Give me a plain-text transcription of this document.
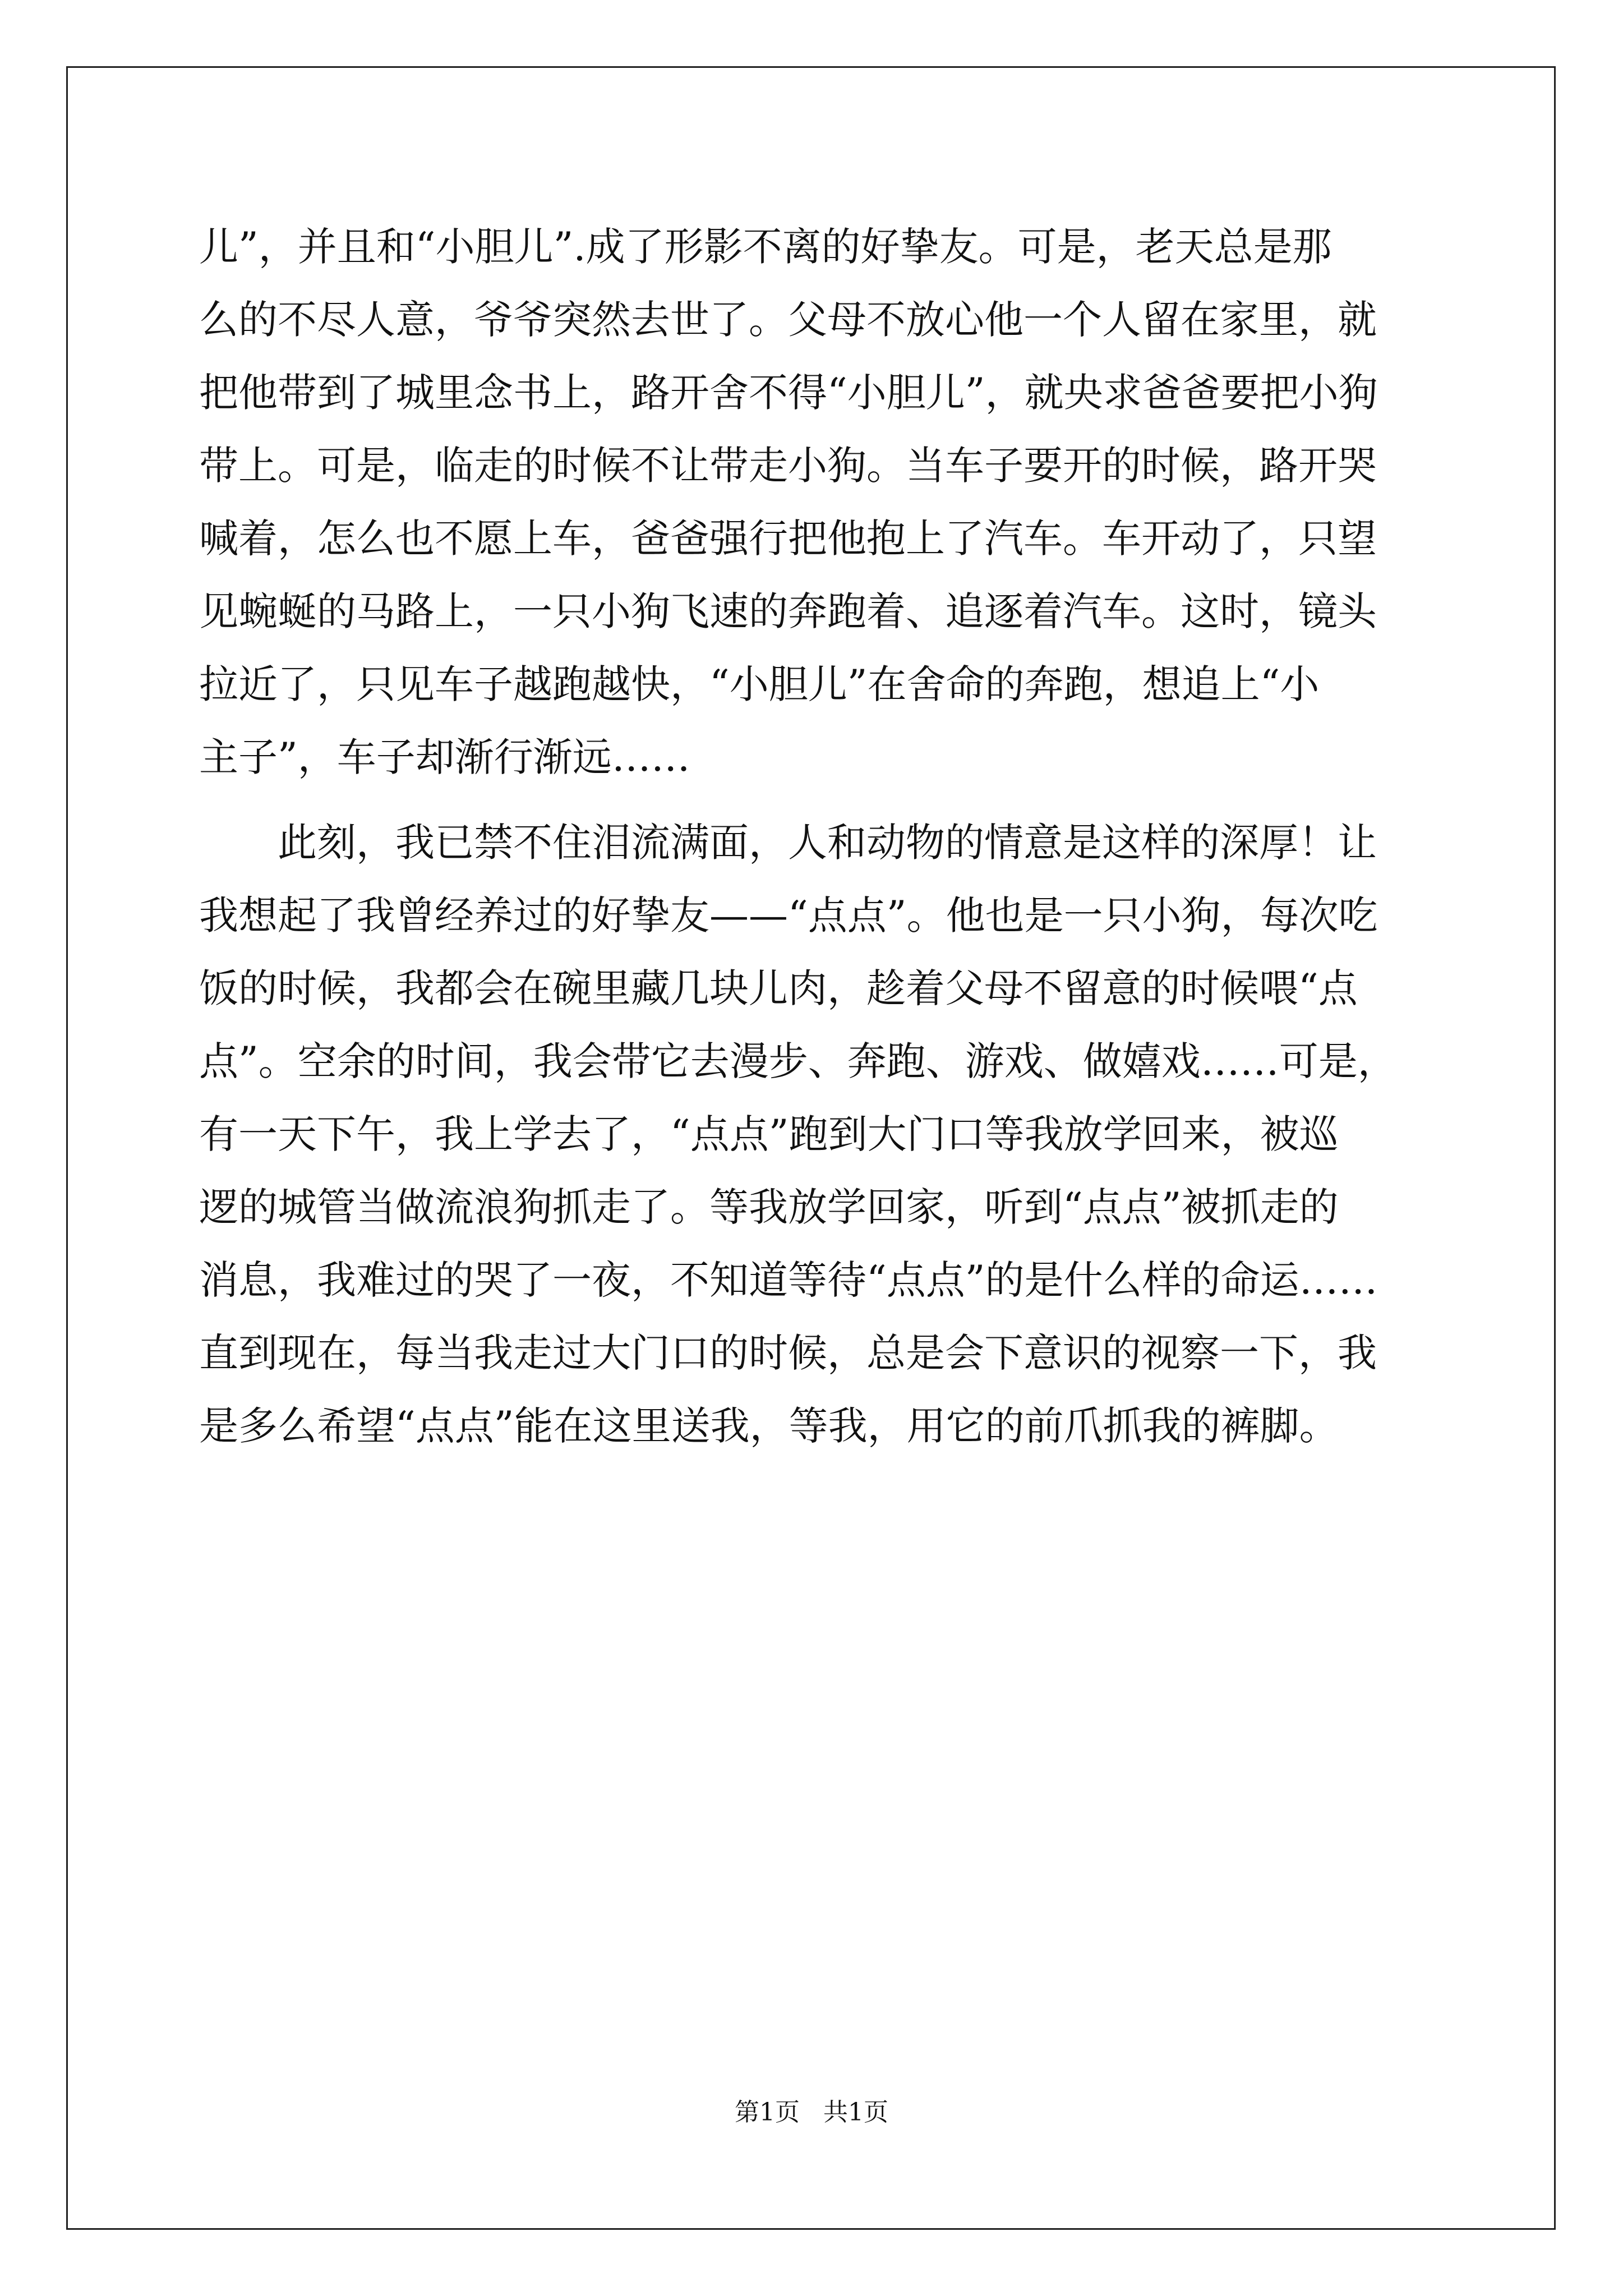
儿”，并且和“小胆儿”.成了形影不离的好挚友。可是，老天总是那
么的不尽人意，爷爷突然去世了。父母不放心他一个人留在家里，就
把他带到了城里念书上，路开舍不得“小胆儿”，就央求爸爸要把小狗
带上。可是，临走的时候不让带走小狗。当车子要开的时候，路开哭
喊着，怎么也不愿上车，爸爸强行把他抱上了汽车。车开动了，只望
见蜿蜒的马路上，一只小狗飞速的奔跑着、追逐着汽车。这时，镜头
拉近了，只见车子越跑越快，“小胆儿”在舍命的奔跑，想追上“小
主子”，车子却渐行渐远……
此刻，我已禁不住泪流满面，人和动物的情意是这样的深厚！让
我想起了我曾经养过的好挚友——“点点”。他也是一只小狗，每次吃
饭的时候，我都会在碗里藏几块儿肉，趁着父母不留意的时候喂“点
点”。空余的时间，我会带它去漫步、奔跑、游戏、做嬉戏……可是，
有一天下午，我上学去了，“点点”跑到大门口等我放学回来，被巡
逻的城管当做流浪狗抓走了。等我放学回家，听到“点点”被抓走的
消息，我难过的哭了一夜，不知道等待“点点”的是什么样的命运……
直到现在，每当我走过大门口的时候，总是会下意识的视察一下，我
是多么希望“点点”能在这里送我，等我，用它的前爪抓我的裤脚。
第1页   共1页
